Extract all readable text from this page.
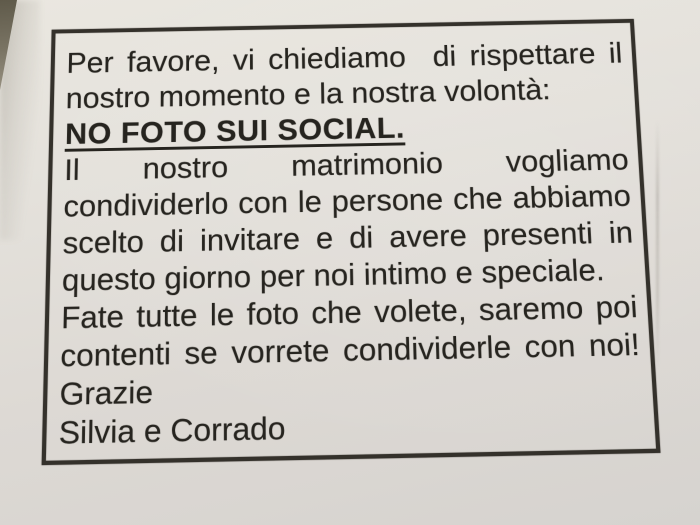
Per favore, vi chiediamo  di rispettare il

nostro momento e la nostra volontà:

NO FOTO SUI SOCIAL.

Il nostro matrimonio vogliamo

condividerlo con le persone che abbiamo

scelto di invitare e di avere presenti in

questo giorno per noi intimo e speciale.

Fate tutte le foto che volete, saremo poi

contenti se vorrete condividerle con noi!

Grazie

Silvia e Corrado
